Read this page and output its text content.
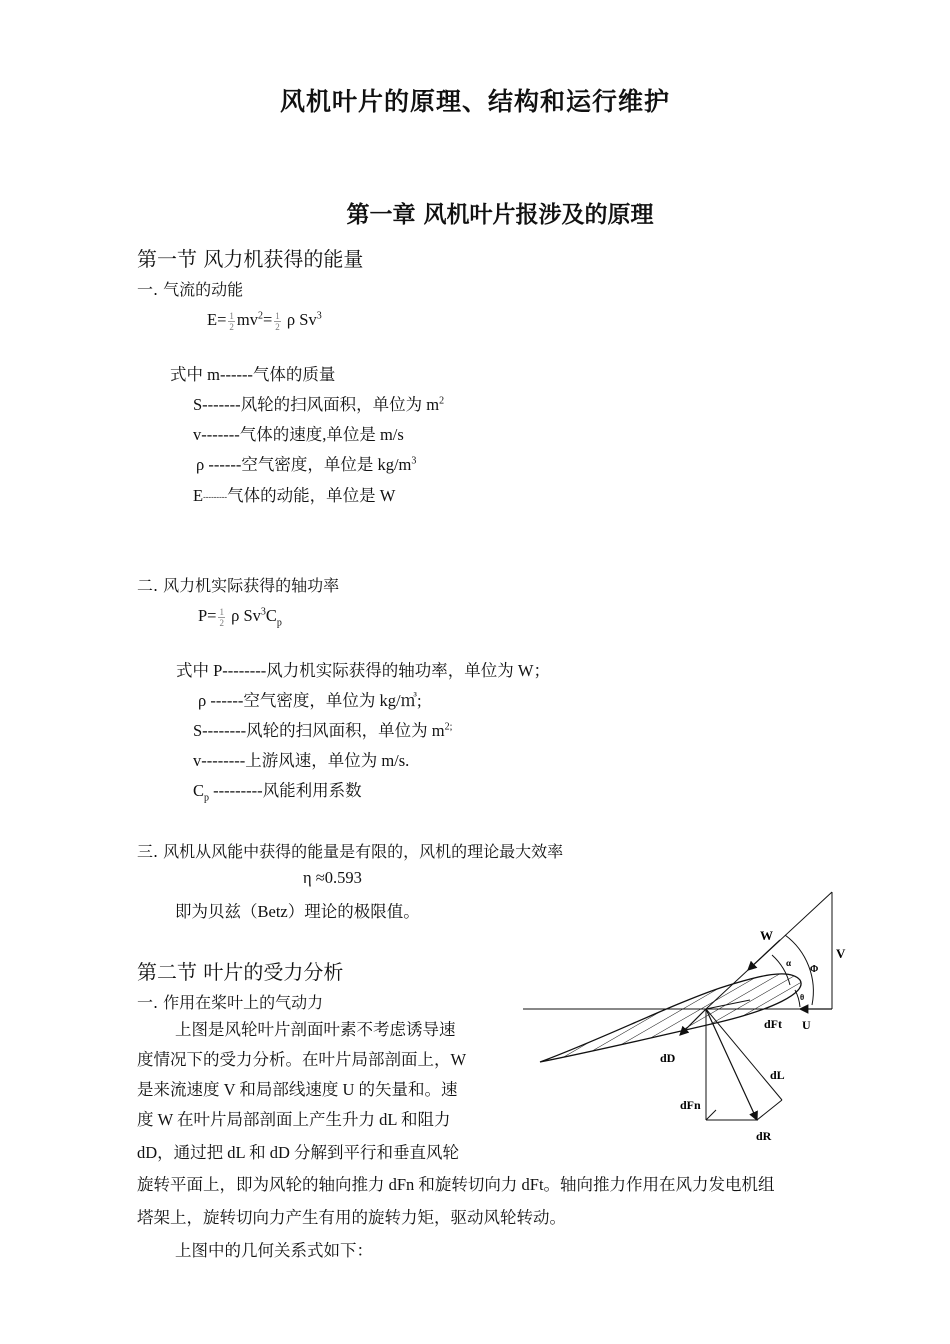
风机叶片的原理、结构和运行维护
第一章 风机叶片报涉及的原理
第一节 风力机获得的能量
一. 气流的动能
$E= \frac{1}{2} mv^2= \frac{1}{2}$ ρ Sv$^3$
式中 m------气体的质量
S-------风轮的扫风面积，单位为 $m^2$
v-------气体的速度,单位是 m/s
ρ ------空气密度，单位是 $kg/m^3$
E---------气体的动能，单位是 W
二. 风力机实际获得的轴功率
$P= \frac{1}{2}$ ρ $Sv^3C_p$
式中 P--------风力机实际获得的轴功率，单位为 W；
ρ ------空气密度，单位为 kg/㎥;
S--------风轮的扫风面积，单位为 $m^{2;}$
v--------上游风速，单位为 m/s.
$C_p$ ---------风能利用系数
三. 风机从风能中获得的能量是有限的，风机的理论最大效率
η ≈0.593
即为贝兹（Betz）理论的极限值。
第二节 叶片的受力分析
一. 作用在桨叶上的气动力
上图是风轮叶片剖面叶素不考虑诱导速
度情况下的受力分析。在叶片局部剖面上，W
是来流速度 V 和局部线速度 U 的矢量和。速
度 W 在叶片局部剖面上产生升力 dL 和阻力
dD，通过把 dL 和 dD 分解到平行和垂直风轮
旋转平面上，即为风轮的轴向推力 dFn 和旋转切向力 dFt。轴向推力作用在风力发电机组
塔架上，旋转切向力产生有用的旋转力矩，驱动风轮转动。
上图中的几何关系式如下：
W
V
U
dFt
dD
dL
dFn
dR
α
Φ
θ
